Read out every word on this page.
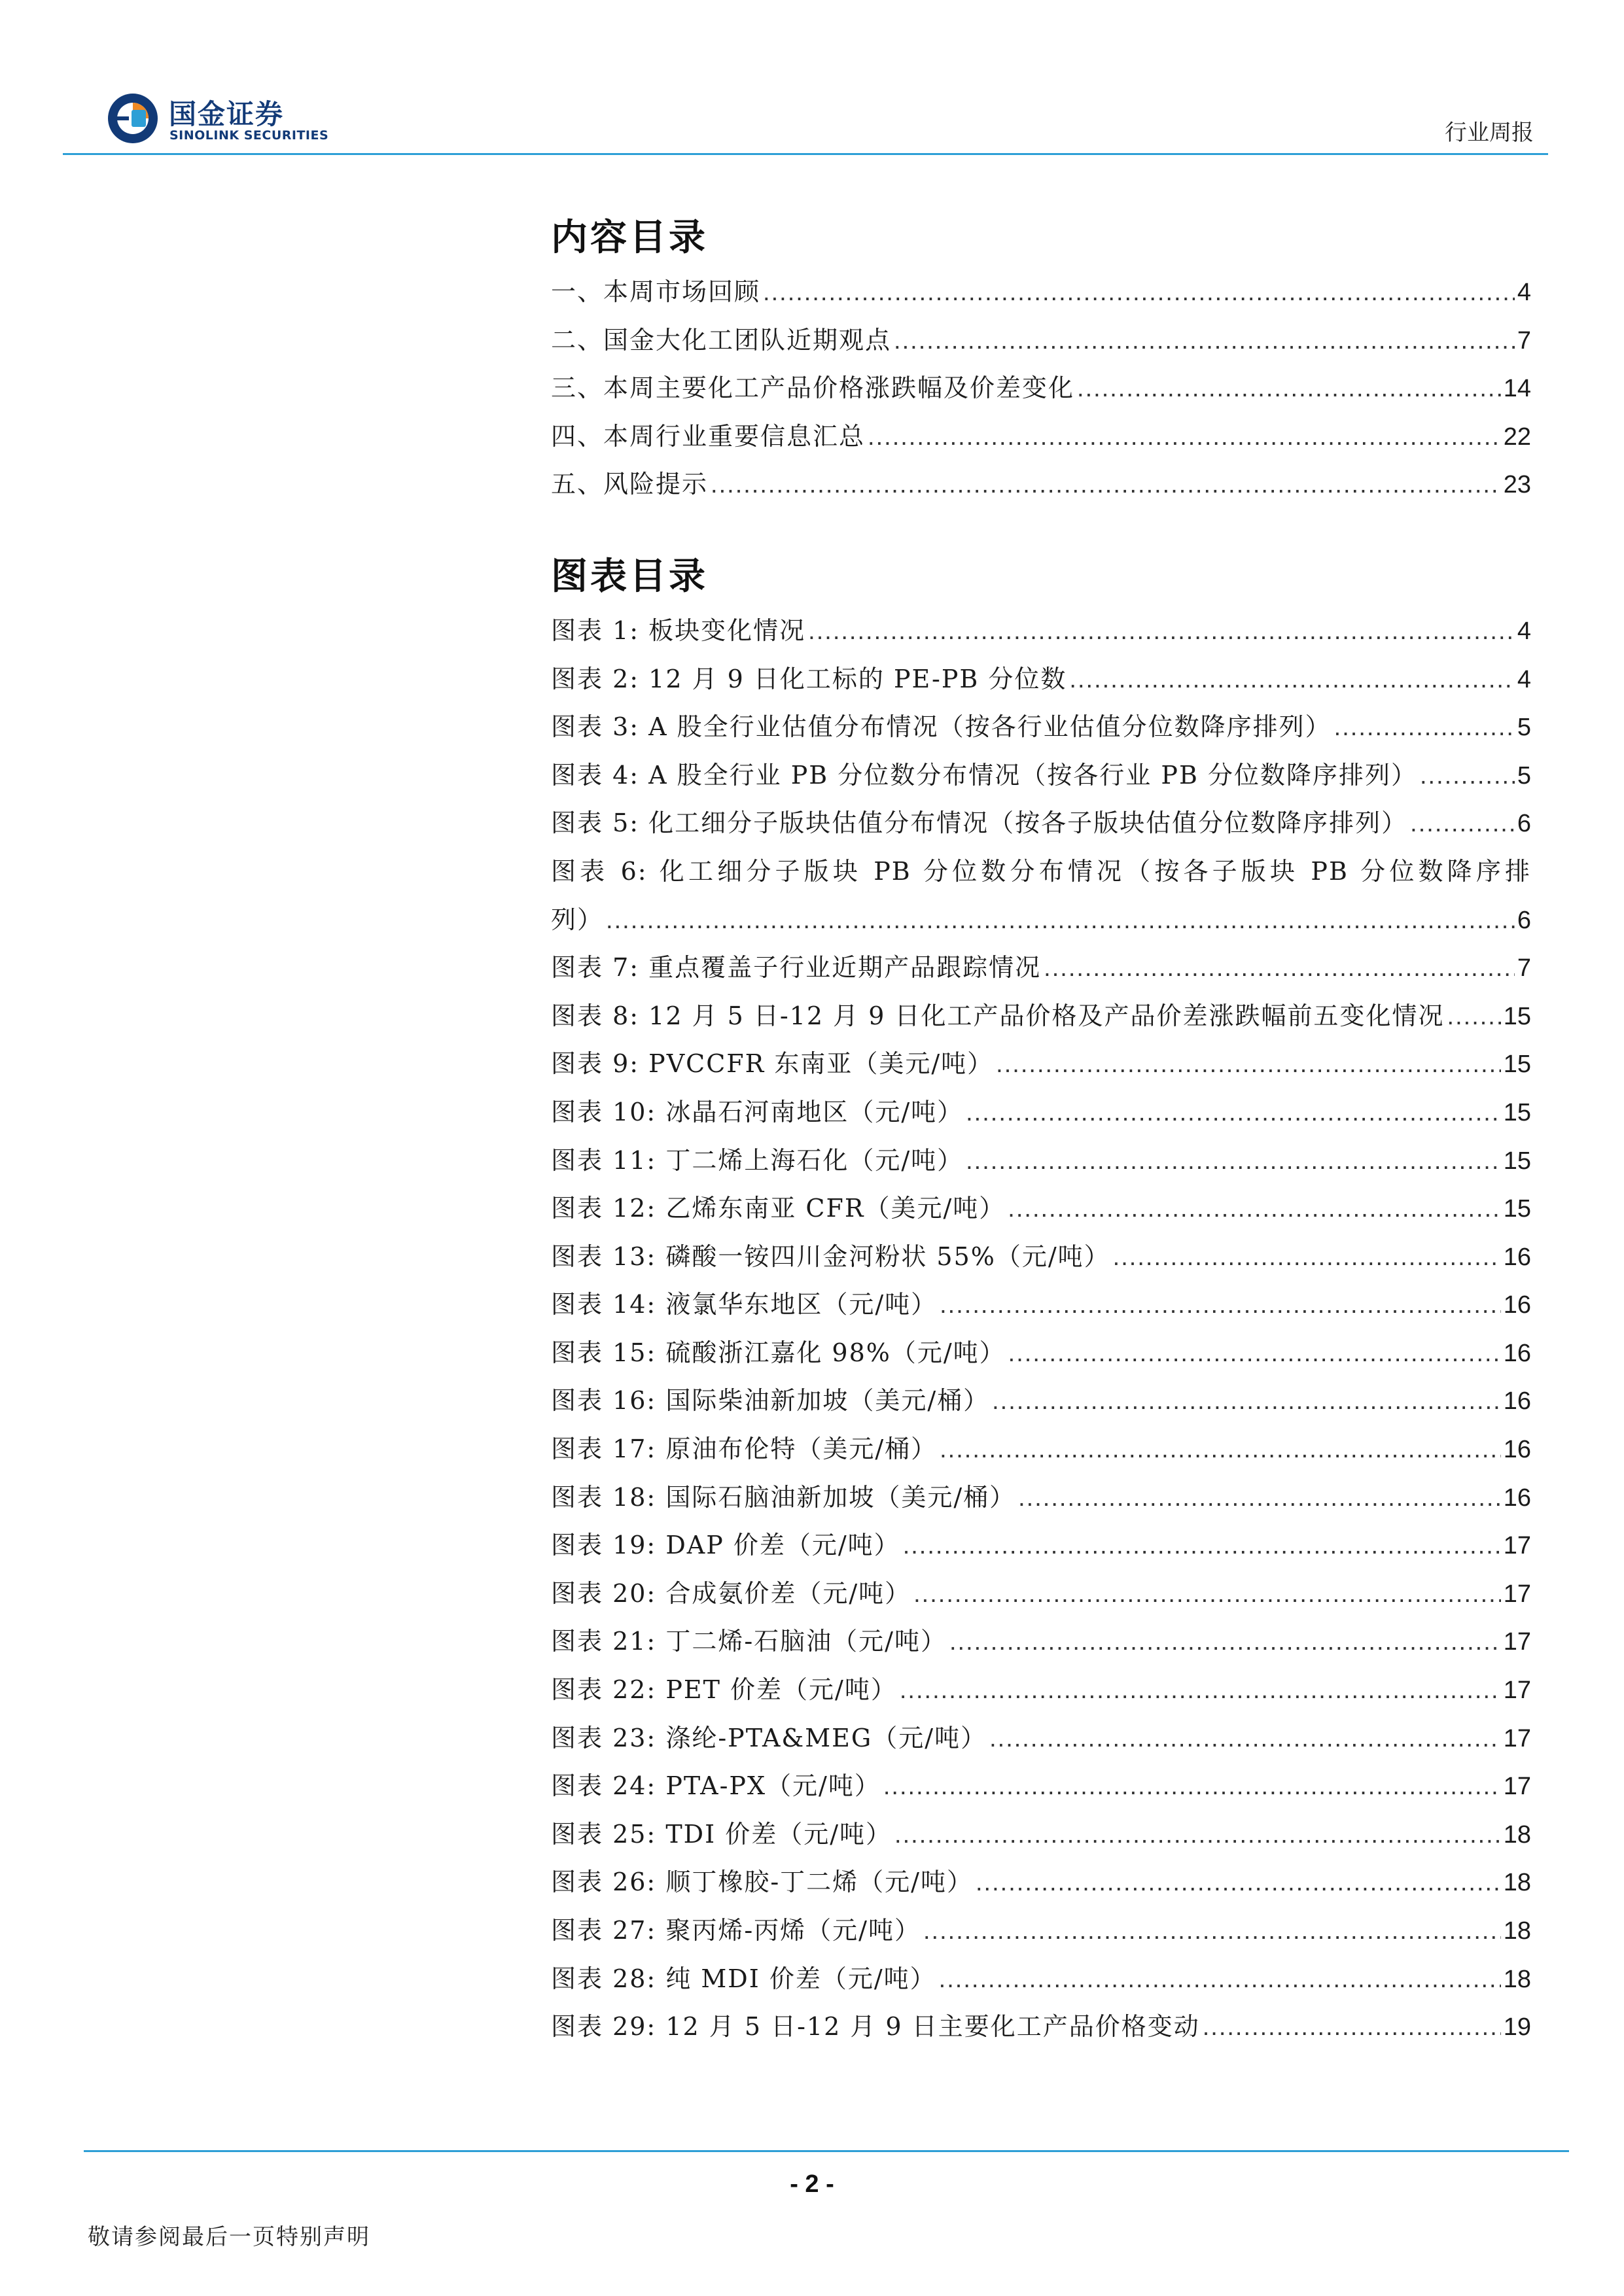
国金证券
SINOLINK SECURITIES	行业周报
内容目录
一、本周市场回顾 .....	4
二、国金大化工团队近期观点 .....	7
三、本周主要化工产品价格涨跌幅及价差变化 .....	14
四、本周行业重要信息汇总 .....	22
五、风险提示 .....	23
图表目录
图表 1: 板块变化情况 .....	4
图表 2: 12 月 9 日化工标的 PE-PB 分位数 .....	4
图表 3: A 股全行业估值分布情况（按各行业估值分位数降序排列） .....	5
图表 4: A 股全行业 PB 分位数分布情况（按各行业 PB 分位数降序排列） .....	5
图表 5: 化工细分子版块估值分布情况（按各子版块估值分位数降序排列） .....	6
图表 6: 化工细分子版块 PB 分位数分布情况（按各子版块 PB 分位数降序排
列） .....	6
图表 7: 重点覆盖子行业近期产品跟踪情况 .....	7
图表 8: 12 月 5 日-12 月 9 日化工产品价格及产品价差涨跌幅前五变化情况 ..... 15
图表 9: PVCCFR 东南亚（美元/吨） .....	15
图表 10: 冰晶石河南地区（元/吨） .....	15
图表 11: 丁二烯上海石化（元/吨） .....	15
图表 12: 乙烯东南亚 CFR（美元/吨） .....	15
图表 13: 磷酸一铵四川金河粉状 55%（元/吨） .....	16
图表 14: 液氯华东地区（元/吨） .....	16
图表 15: 硫酸浙江嘉化 98%（元/吨） .....	16
图表 16: 国际柴油新加坡（美元/桶） .....	16
图表 17: 原油布伦特（美元/桶） .....	16
图表 18: 国际石脑油新加坡（美元/桶） .....	16
图表 19: DAP 价差（元/吨） .....	17
图表 20: 合成氨价差（元/吨） .....	17
图表 21: 丁二烯-石脑油（元/吨） .....	17
图表 22: PET 价差（元/吨） .....	17
图表 23: 涤纶-PTA&MEG（元/吨） .....	17
图表 24: PTA-PX（元/吨） .....	17
图表 25: TDI 价差（元/吨） .....	18
图表 26: 顺丁橡胶-丁二烯（元/吨） .....	18
图表 27: 聚丙烯-丙烯（元/吨） .....	18
图表 28: 纯 MDI 价差（元/吨） .....	18
图表 29: 12 月 5 日-12 月 9 日主要化工产品价格变动 .....	19
- 2 -
敬请参阅最后一页特别声明
